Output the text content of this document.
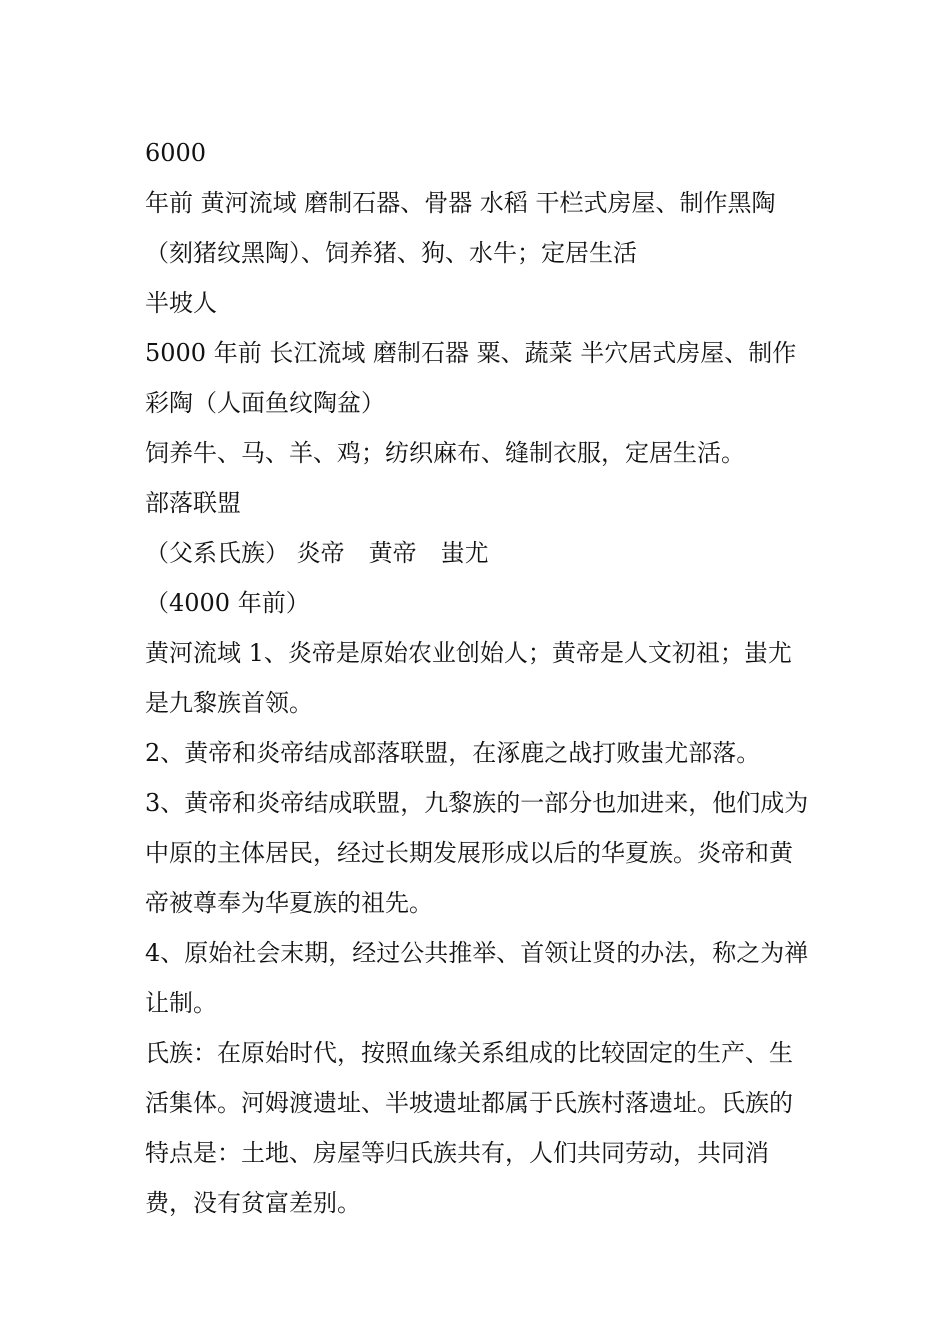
6000

年前 黄河流域 磨制石器、骨器 水稻 干栏式房屋、制作黑陶（刻猪纹黑陶）、饲养猪、狗、水牛；定居生活

半坡人

5000 年前 长江流域 磨制石器 粟、蔬菜 半穴居式房屋、制作彩陶（人面鱼纹陶盆）

饲养牛、马、羊、鸡；纺织麻布、缝制衣服，定居生活。

部落联盟

（父系氏族） 炎帝　黄帝　蚩尤

（4000 年前）

黄河流域 1、炎帝是原始农业创始人；黄帝是人文初祖；蚩尤是九黎族首领。

2、黄帝和炎帝结成部落联盟，在涿鹿之战打败蚩尤部落。

3、黄帝和炎帝结成联盟，九黎族的一部分也加进来，他们成为中原的主体居民，经过长期发展形成以后的华夏族。炎帝和黄帝被尊奉为华夏族的祖先。

4、原始社会末期，经过公共推举、首领让贤的办法，称之为禅让制。

氏族：在原始时代，按照血缘关系组成的比较固定的生产、生活集体。河姆渡遗址、半坡遗址都属于氏族村落遗址。氏族的特点是：土地、房屋等归氏族共有，人们共同劳动，共同消费，没有贫富差别。
